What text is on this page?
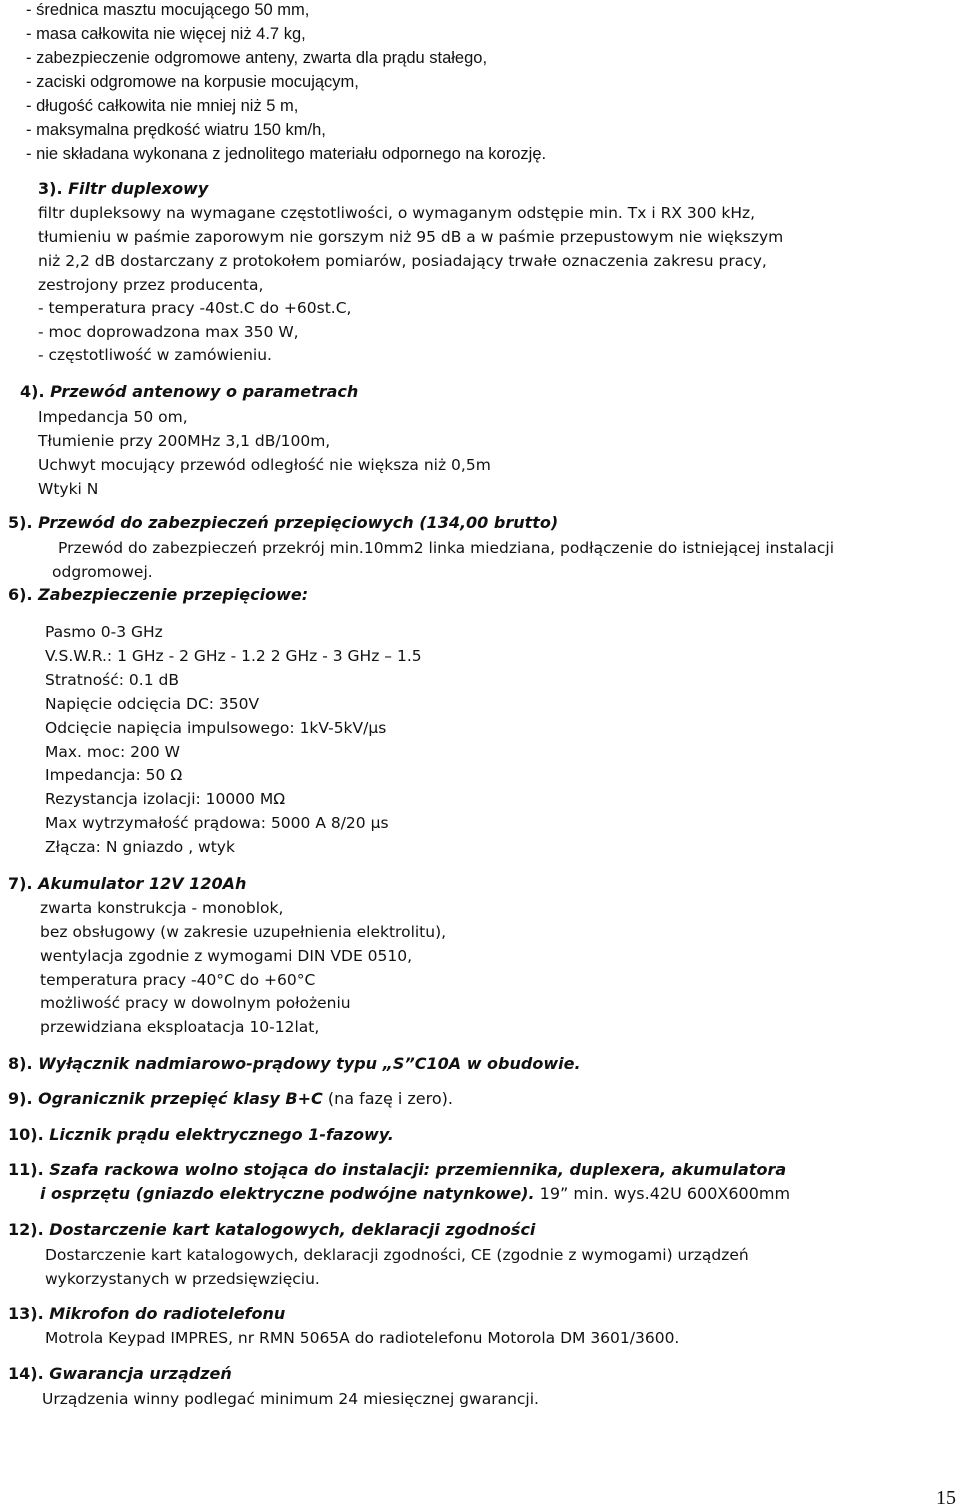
- średnica masztu mocującego 50 mm,
- masa całkowita nie więcej niż 4.7 kg,
- zabezpieczenie odgromowe anteny, zwarta dla prądu stałego,
- zaciski odgromowe na korpusie mocującym,
- długość całkowita nie mniej niż 5 m,
- maksymalna prędkość wiatru 150 km/h,
- nie składana wykonana z jednolitego materiału odpornego na korozję.
3). Filtr duplexowy
filtr dupleksowy na wymagane częstotliwości, o wymaganym odstępie min. Tx i RX 300 kHz,
tłumieniu w paśmie zaporowym nie gorszym niż 95 dB a w paśmie przepustowym nie większym
niż 2,2 dB dostarczany z protokołem pomiarów, posiadający trwałe oznaczenia zakresu pracy,
zestrojony przez producenta,
- temperatura pracy -40st.C do +60st.C,
- moc doprowadzona max 350 W,
- częstotliwość w zamówieniu.
4). Przewód antenowy o parametrach
Impedancja 50 om,
Tłumienie przy 200MHz 3,1 dB/100m,
Uchwyt mocujący przewód odległość nie większa niż 0,5m
Wtyki N
5). Przewód do zabezpieczeń przepięciowych (134,00 brutto)
Przewód do zabezpieczeń przekrój min.10mm2 linka miedziana, podłączenie do istniejącej instalacji
odgromowej.
6). Zabezpieczenie przepięciowe:
Pasmo 0-3 GHz
V.S.W.R.: 1 GHz - 2 GHz - 1.2 2 GHz - 3 GHz – 1.5
Stratność: 0.1 dB
Napięcie odcięcia DC: 350V
Odcięcie napięcia impulsowego: 1kV-5kV/µs
Max. moc: 200 W
Impedancja: 50 Ω
Rezystancja izolacji: 10000 MΩ
Max wytrzymałość prądowa: 5000 A 8/20 µs
Złącza: N gniazdo , wtyk
7). Akumulator 12V 120Ah
zwarta konstrukcja - monoblok,
bez obsługowy (w zakresie uzupełnienia elektrolitu),
wentylacja zgodnie z wymogami DIN VDE 0510,
temperatura pracy -40°C do +60°C
możliwość pracy w dowolnym położeniu
przewidziana eksploatacja 10-12lat,
8). Wyłącznik nadmiarowo-prądowy typu „S”C10A w obudowie.
9). Ogranicznik przepięć klasy B+C (na fazę i zero).
10). Licznik prądu elektrycznego 1-fazowy.
11). Szafa rackowa wolno stojąca do instalacji: przemiennika, duplexera, akumulatora
i osprzętu (gniazdo elektryczne podwójne natynkowe). 19” min. wys.42U 600X600mm
12). Dostarczenie kart katalogowych, deklaracji zgodności
Dostarczenie kart katalogowych, deklaracji zgodności, CE (zgodnie z wymogami) urządzeń
wykorzystanych w przedsięwzięciu.
13). Mikrofon do radiotelefonu
Motrola Keypad IMPRES, nr RMN 5065A do radiotelefonu Motorola DM 3601/3600.
14). Gwarancja urządzeń
Urządzenia winny podlegać minimum 24 miesięcznej gwarancji.
15
